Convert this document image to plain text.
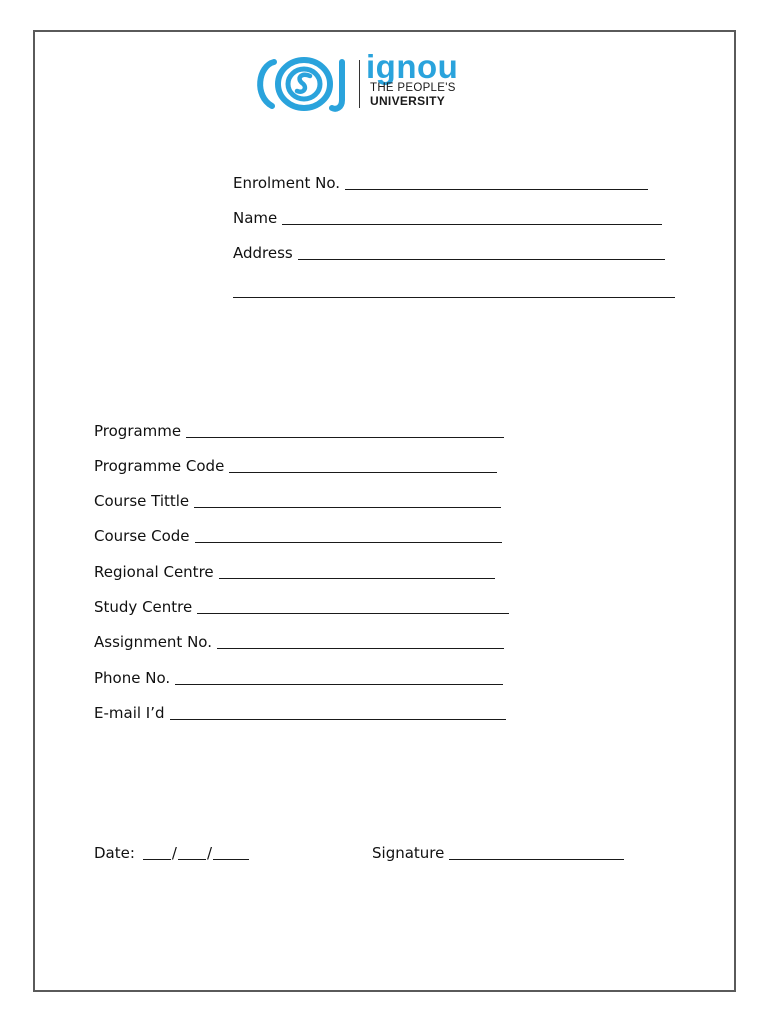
ignou
THE PEOPLE'S
UNIVERSITY
Enrolment No.
Name
Address
Programme
Programme Code
Course Tittle
Course Code
Regional Centre
Study Centre
Assignment No.
Phone No.
E-mail I’d
Date: / /	Signature
